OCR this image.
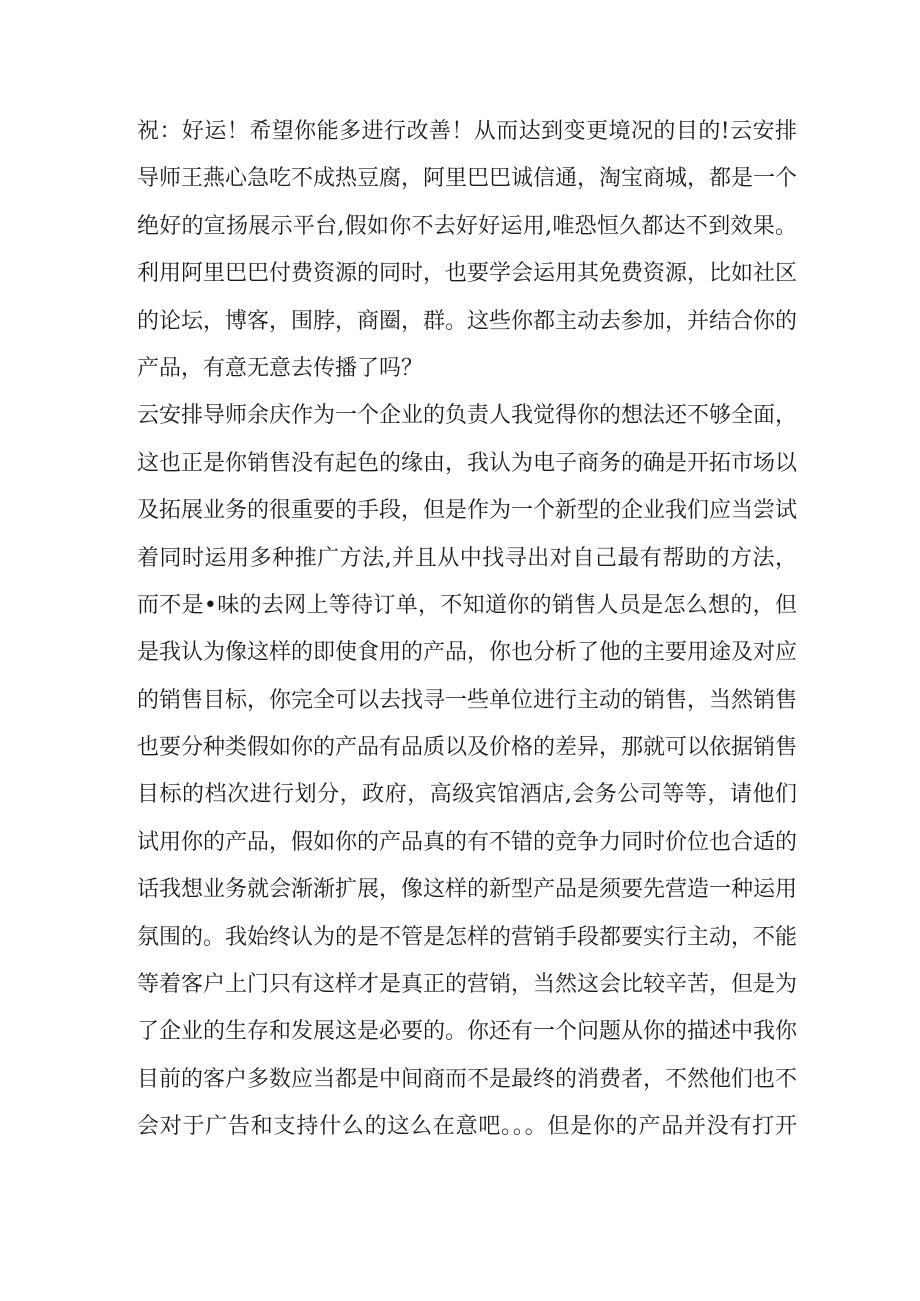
祝：好运！希望你能多进行改善！从而达到变更境况的目的!云安排
导师王燕心急吃不成热豆腐，阿里巴巴诚信通，淘宝商城，都是一个
绝好的宣扬展示平台,假如你不去好好运用,唯恐恒久都达不到效果。
利用阿里巴巴付费资源的同时，也要学会运用其免费资源，比如社区
的论坛，博客，围脖，商圈，群。这些你都主动去参加，并结合你的
产品，有意无意去传播了吗？
云安排导师余庆作为一个企业的负责人我觉得你的想法还不够全面，
这也正是你销售没有起色的缘由，我认为电子商务的确是开拓市场以
及拓展业务的很重要的手段，但是作为一个新型的企业我们应当尝试
着同时运用多种推广方法,并且从中找寻出对自己最有帮助的方法，
而不是•味的去网上等待订单，不知道你的销售人员是怎么想的，但
是我认为像这样的即使食用的产品，你也分析了他的主要用途及对应
的销售目标，你完全可以去找寻一些单位进行主动的销售，当然销售
也要分种类假如你的产品有品质以及价格的差异，那就可以依据销售
目标的档次进行划分，政府，高级宾馆酒店,会务公司等等，请他们
试用你的产品，假如你的产品真的有不错的竞争力同时价位也合适的
话我想业务就会渐渐扩展，像这样的新型产品是须要先营造一种运用
氛围的。我始终认为的是不管是怎样的营销手段都要实行主动，不能
等着客户上门只有这样才是真正的营销，当然这会比较辛苦，但是为
了企业的生存和发展这是必要的。你还有一个问题从你的描述中我你
目前的客户多数应当都是中间商而不是最终的消费者，不然他们也不
会对于广告和支持什么的这么在意吧。。。但是你的产品并没有打开
